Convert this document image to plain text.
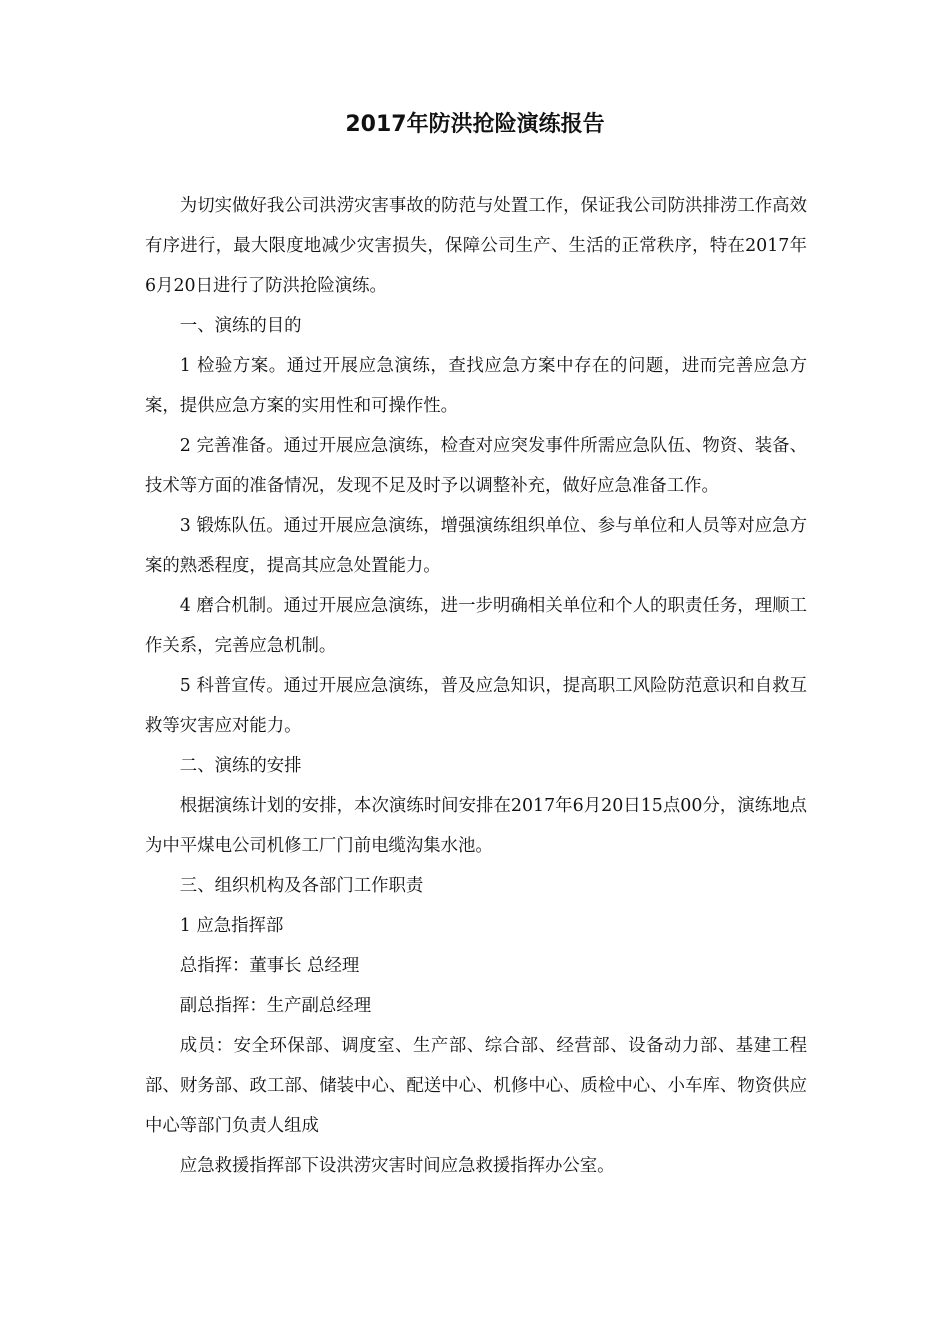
2017年防洪抢险演练报告

为切实做好我公司洪涝灾害事故的防范与处置工作，保证我公司防洪排涝工作高效有序进行，最大限度地减少灾害损失，保障公司生产、生活的正常秩序，特在2017年6月20日进行了防洪抢险演练。

一、演练的目的

1 检验方案。通过开展应急演练，查找应急方案中存在的问题，进而完善应急方案，提供应急方案的实用性和可操作性。

2 完善准备。通过开展应急演练，检查对应突发事件所需应急队伍、物资、装备、技术等方面的准备情况，发现不足及时予以调整补充，做好应急准备工作。

3 锻炼队伍。通过开展应急演练，增强演练组织单位、参与单位和人员等对应急方案的熟悉程度，提高其应急处置能力。

4 磨合机制。通过开展应急演练，进一步明确相关单位和个人的职责任务，理顺工作关系，完善应急机制。

5 科普宣传。通过开展应急演练，普及应急知识，提高职工风险防范意识和自救互救等灾害应对能力。

二、演练的安排

根据演练计划的安排，本次演练时间安排在2017年6月20日15点00分，演练地点为中平煤电公司机修工厂门前电缆沟集水池。

三、组织机构及各部门工作职责

1 应急指挥部

总指挥：董事长 总经理

副总指挥：生产副总经理

成员：安全环保部、调度室、生产部、综合部、经营部、设备动力部、基建工程部、财务部、政工部、储装中心、配送中心、机修中心、质检中心、小车库、物资供应中心等部门负责人组成

应急救援指挥部下设洪涝灾害时间应急救援指挥办公室。
